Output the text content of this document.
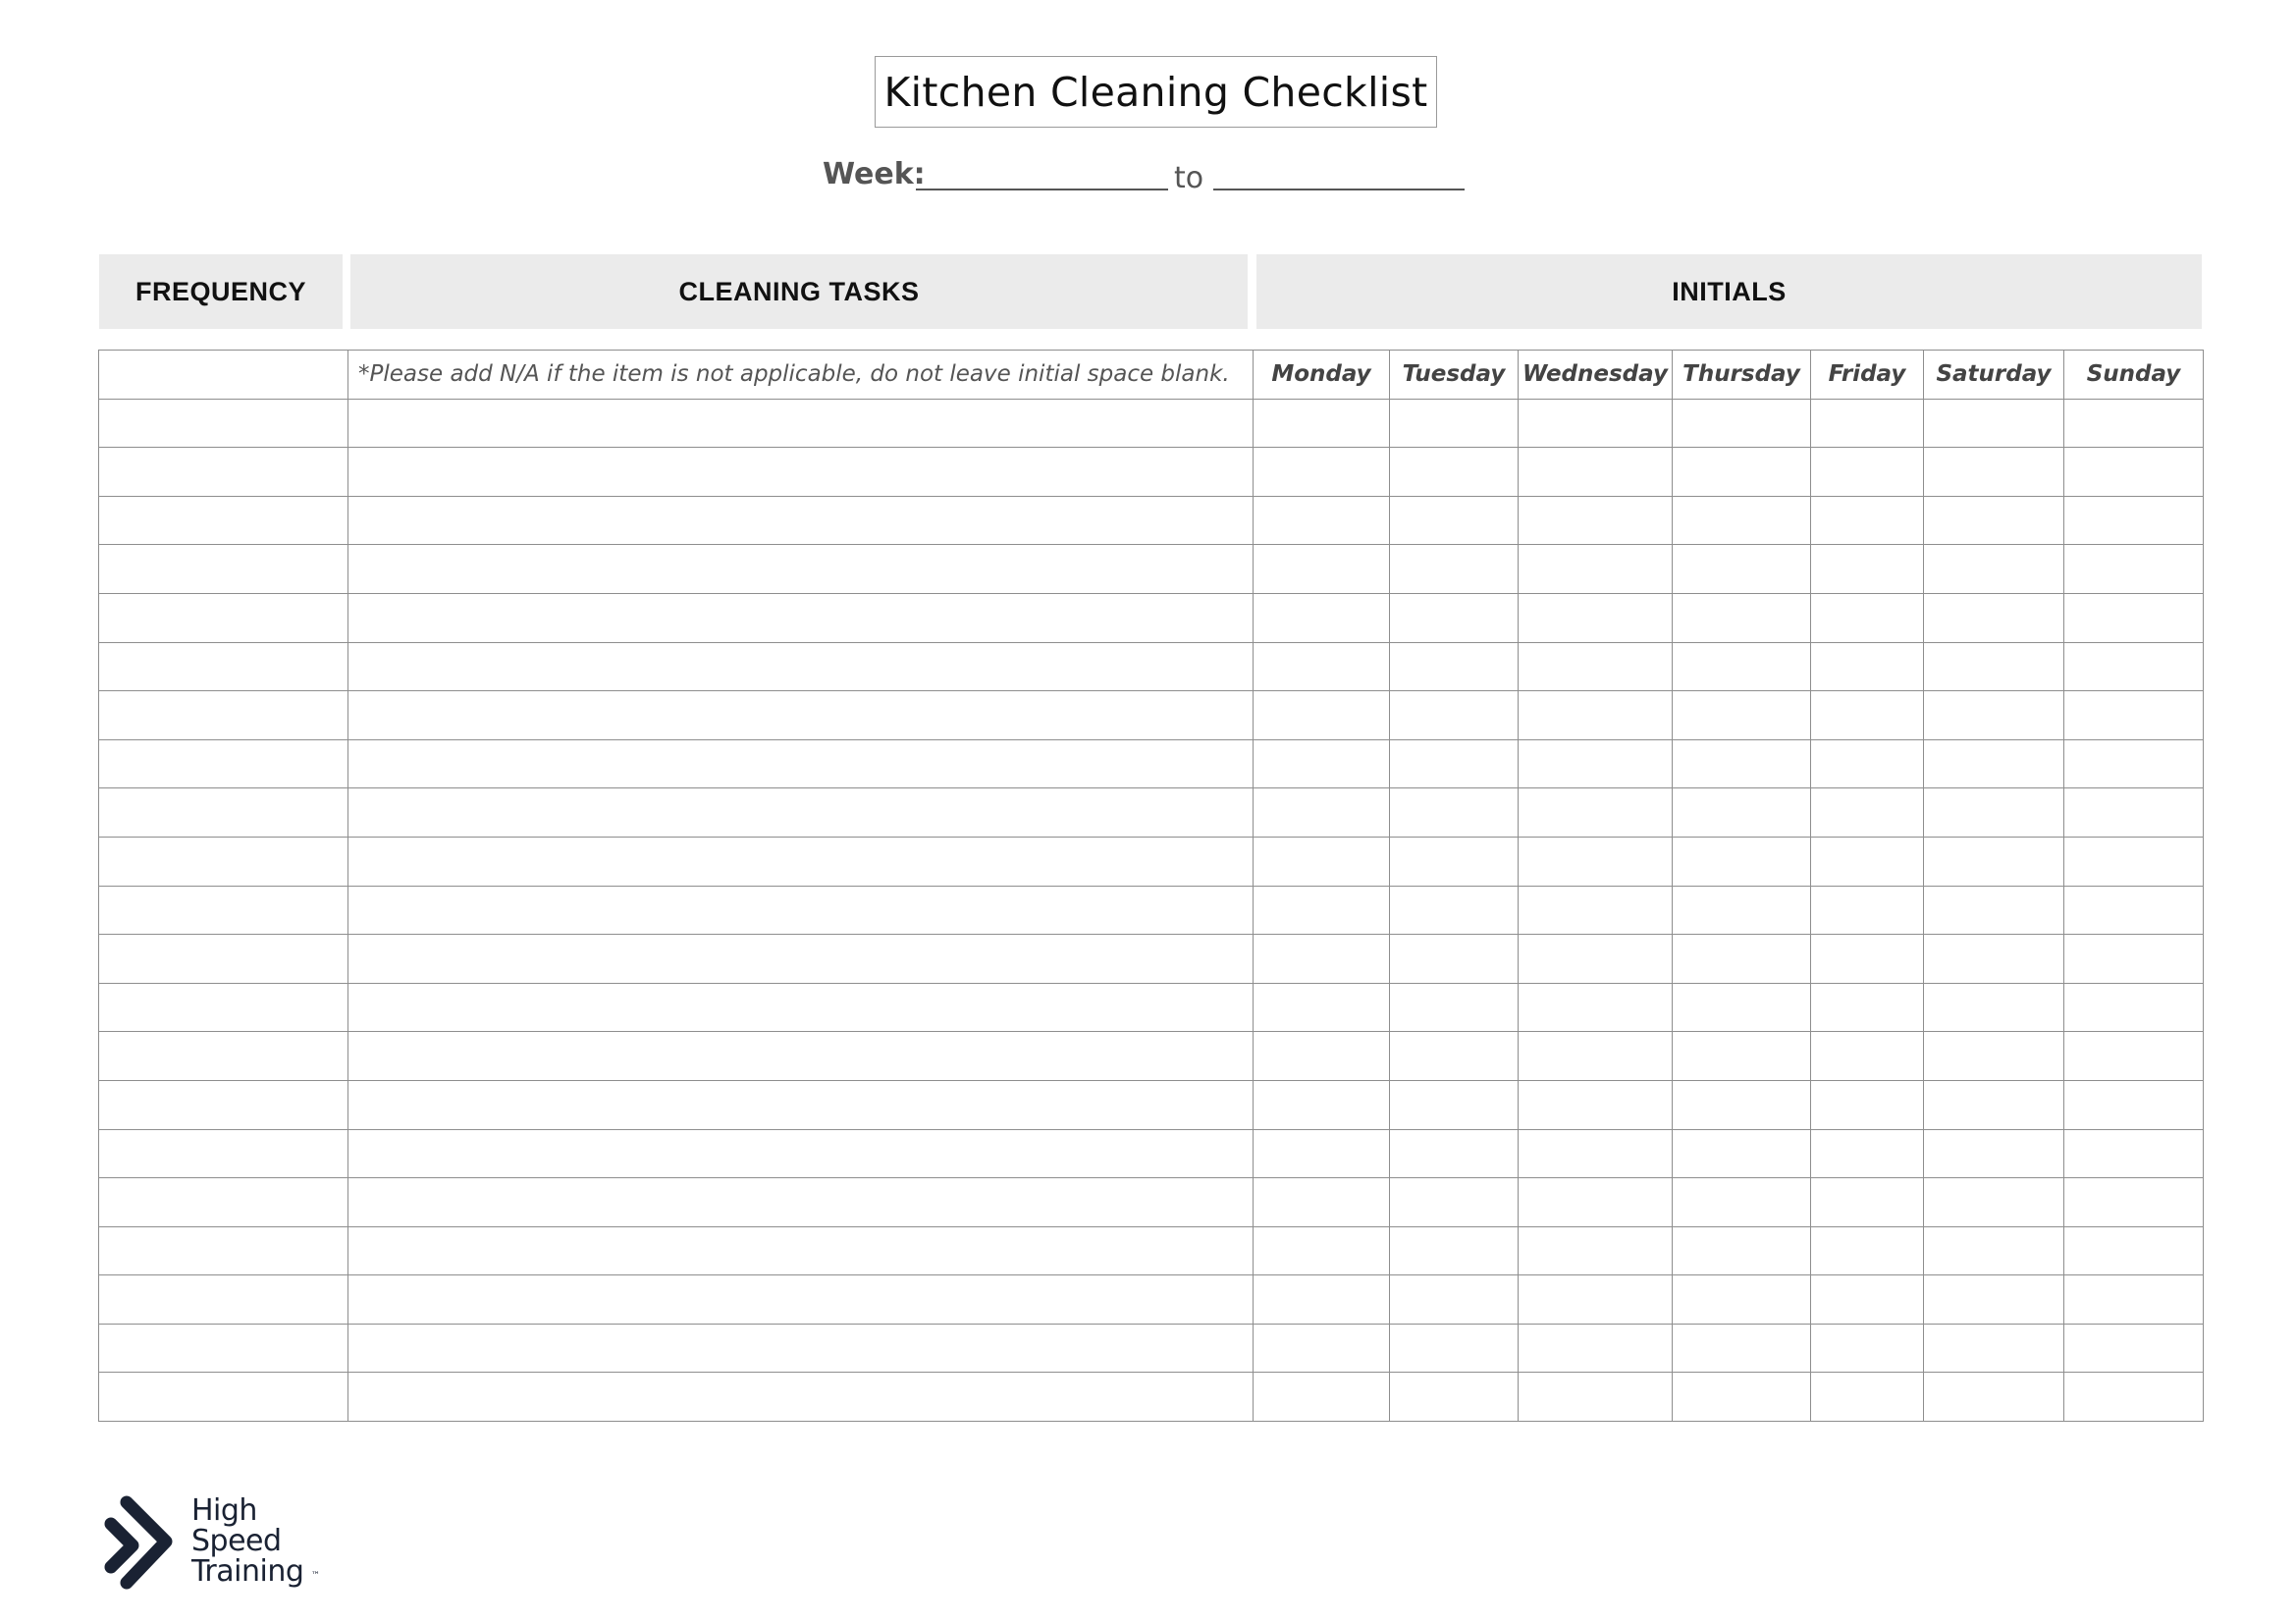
Kitchen Cleaning Checklist
Week:	to
FREQUENCY	CLEANING TASKS	INITIALS
	*Please add N/A if the item is not applicable, do not leave initial space blank.	Monday	Tuesday	Wednesday	Thursday	Friday	Saturday	Sunday

High
Speed
Training ™
